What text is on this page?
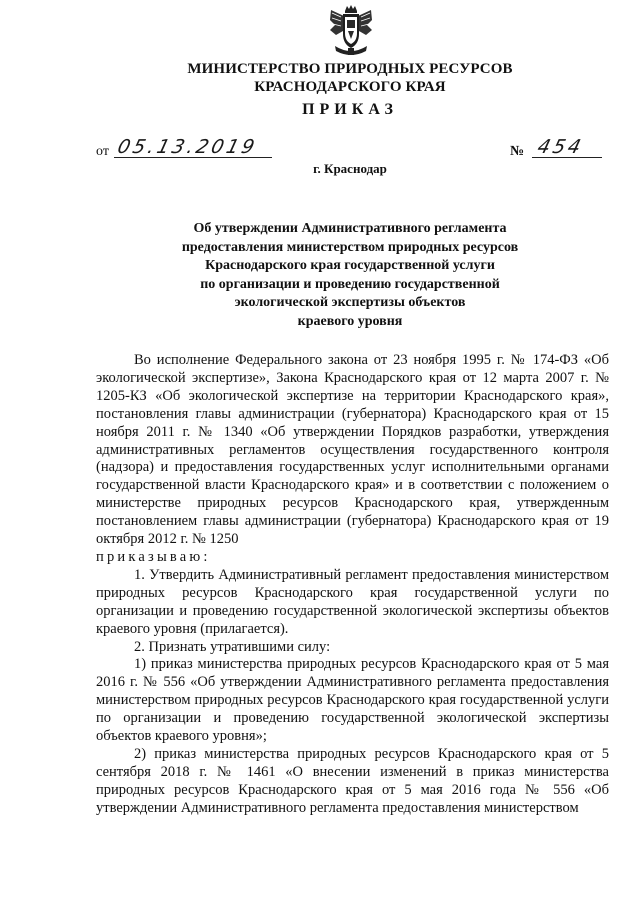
МИНИСТЕРСТВО ПРИРОДНЫХ РЕСУРСОВ
КРАСНОДАРСКОГО КРАЯ
ПРИКАЗ
от 05.13.2019	№ 454
г. Краснодар
Об утверждении Административного регламента
предоставления министерством природных ресурсов
Краснодарского края государственной услуги
по организации и проведению государственной
экологической экспертизы объектов
краевого уровня

Во исполнение Федерального закона от 23 ноября 1995 г. № 174-ФЗ «Об экологической экспертизе», Закона Краснодарского края от 12 марта 2007 г. № 1205-КЗ «Об экологической экспертизе на территории Краснодарского края», постановления главы администрации (губернатора) Краснодарского края от 15 ноября 2011 г. № 1340 «Об утверждении Порядков разработки, утверждения административных регламентов осуществления государственного контроля (надзора) и предоставления государственных услуг исполнительными органами государственной власти Краснодарского края» и в соответствии с положением о министерстве природных ресурсов Краснодарского края, утвержденным постановлением главы администрации (губернатора) Краснодарского края от 19 октября 2012 г. № 1250

приказываю:

1. Утвердить Административный регламент предоставления министерством природных ресурсов Краснодарского края государственной услуги по организации и проведению государственной экологической экспертизы объектов краевого уровня (прилагается).

2. Признать утратившими силу:

1) приказ министерства природных ресурсов Краснодарского края от 5 мая 2016 г. № 556 «Об утверждении Административного регламента предоставления министерством природных ресурсов Краснодарского края государственной услуги по организации и проведению государственной экологической экспертизы объектов краевого уровня»;

2) приказ министерства природных ресурсов Краснодарского края от 5 сентября 2018 г. № 1461 «О внесении изменений в приказ министерства природных ресурсов Краснодарского края от 5 мая 2016 года № 556 «Об утверждении Административного регламента предоставления министерством
